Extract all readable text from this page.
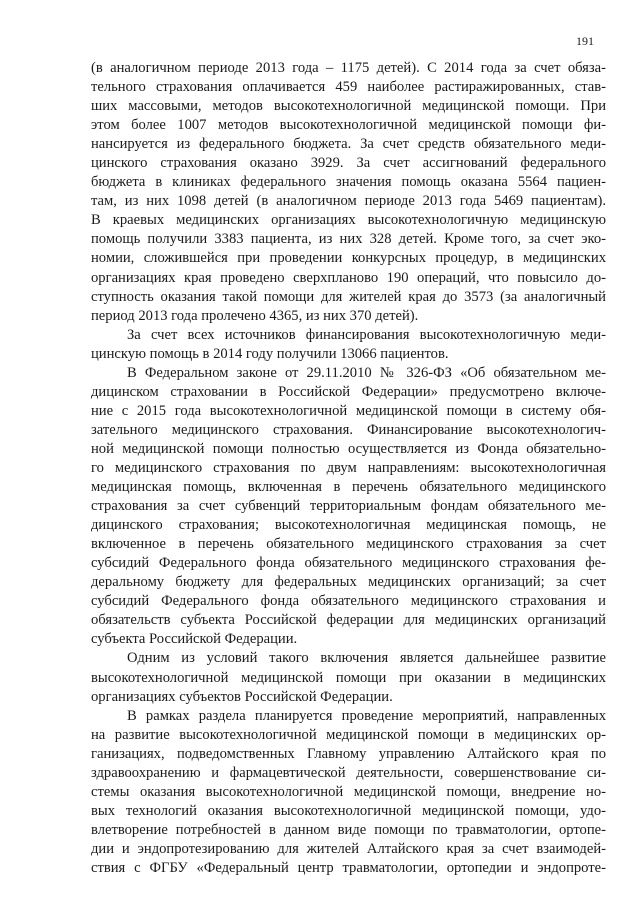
191
(в аналогичном периоде 2013 года – 1175 детей). С 2014 года за счет обяза-
тельного страхования оплачивается 459 наиболее растиражированных, став-
ших массовыми, методов высокотехнологичной медицинской помощи. При
этом более 1007 методов высокотехнологичной медицинской помощи фи-
нансируется из федерального бюджета. За счет средств обязательного меди-
цинского страхования оказано 3929. За счет ассигнований федерального
бюджета в клиниках федерального значения помощь оказана 5564 пациен-
там, из них 1098 детей (в аналогичном периоде 2013 года 5469 пациентам).
В краевых медицинских организациях высокотехнологичную медицинскую
помощь получили 3383 пациента, из них 328 детей. Кроме того, за счет эко-
номии, сложившейся при проведении конкурсных процедур, в медицинских
организациях края проведено сверхпланово 190 операций, что повысило до-
ступность оказания такой помощи для жителей края до 3573 (за аналогичный
период 2013 года пролечено 4365, из них 370 детей).
За счет всех источников финансирования высокотехнологичную меди-
цинскую помощь в 2014 году получили 13066 пациентов.
В Федеральном законе от 29.11.2010 № 326-ФЗ «Об обязательном ме-
дицинском страховании в Российской Федерации» предусмотрено включе-
ние с 2015 года высокотехнологичной медицинской помощи в систему обя-
зательного медицинского страхования. Финансирование высокотехнологич-
ной медицинской помощи полностью осуществляется из Фонда обязательно-
го медицинского страхования по двум направлениям: высокотехнологичная
медицинская помощь, включенная в перечень обязательного медицинского
страхования за счет субвенций территориальным фондам обязательного ме-
дицинского страхования; высокотехнологичная медицинская помощь, не
включенное в перечень обязательного медицинского страхования за счет
субсидий Федерального фонда обязательного медицинского страхования фе-
деральному бюджету для федеральных медицинских организаций; за счет
субсидий Федерального фонда обязательного медицинского страхования и
обязательств субъекта Российской федерации для медицинских организаций
субъекта Российской Федерации.
Одним из условий такого включения является дальнейшее развитие
высокотехнологичной медицинской помощи при оказании в медицинских
организациях субъектов Российской Федерации.
В рамках раздела планируется проведение мероприятий, направленных
на развитие высокотехнологичной медицинской помощи в медицинских ор-
ганизациях, подведомственных Главному управлению Алтайского края по
здравоохранению и фармацевтической деятельности, совершенствование си-
стемы оказания высокотехнологичной медицинской помощи, внедрение но-
вых технологий оказания высокотехнологичной медицинской помощи, удо-
влетворение потребностей в данном виде помощи по травматологии, ортопе-
дии и эндопротезированию для жителей Алтайского края за счет взаимодей-
ствия с ФГБУ «Федеральный центр травматологии, ортопедии и эндопроте-
